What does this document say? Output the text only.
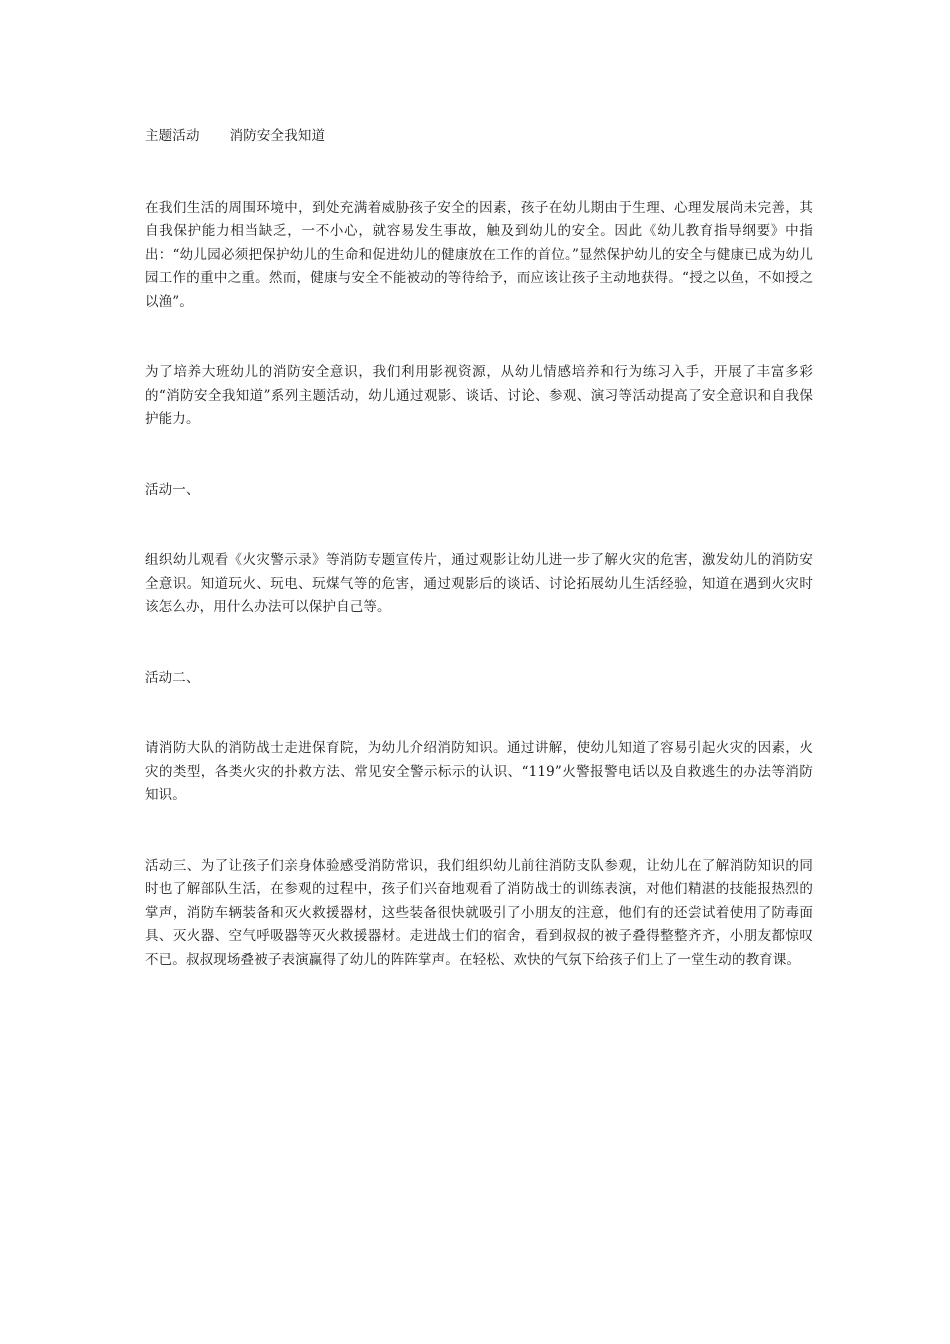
主题活动 消防安全我知道

在我们生活的周围环境中，到处充满着威胁孩子安全的因素，孩子在幼儿期由于生理、心理发展尚未完善，其自我保护能力相当缺乏，一不小心，就容易发生事故，触及到幼儿的安全。因此《幼儿教育指导纲要》中指出：“幼儿园必须把保护幼儿的生命和促进幼儿的健康放在工作的首位。”显然保护幼儿的安全与健康已成为幼儿园工作的重中之重。然而，健康与安全不能被动的等待给予，而应该让孩子主动地获得。“授之以鱼，不如授之以渔”。

为了培养大班幼儿的消防安全意识，我们利用影视资源，从幼儿情感培养和行为练习入手，开展了丰富多彩的“消防安全我知道”系列主题活动，幼儿通过观影、谈话、讨论、参观、演习等活动提高了安全意识和自我保护能力。

活动一、

组织幼儿观看《火灾警示录》等消防专题宣传片，通过观影让幼儿进一步了解火灾的危害，激发幼儿的消防安全意识。知道玩火、玩电、玩煤气等的危害，通过观影后的谈话、讨论拓展幼儿生活经验，知道在遇到火灾时该怎么办，用什么办法可以保护自己等。

活动二、

请消防大队的消防战士走进保育院，为幼儿介绍消防知识。通过讲解，使幼儿知道了容易引起火灾的因素，火灾的类型，各类火灾的扑救方法、常见安全警示标示的认识、“119”火警报警电话以及自救逃生的办法等消防知识。

活动三、为了让孩子们亲身体验感受消防常识，我们组织幼儿前往消防支队参观，让幼儿在了解消防知识的同时也了解部队生活，在参观的过程中，孩子们兴奋地观看了消防战士的训练表演，对他们精湛的技能报热烈的掌声，消防车辆装备和灭火救援器材，这些装备很快就吸引了小朋友的注意，他们有的还尝试着使用了防毒面具、灭火器、空气呼吸器等灭火救援器材。走进战士们的宿舍，看到叔叔的被子叠得整整齐齐，小朋友都惊叹不已。叔叔现场叠被子表演赢得了幼儿的阵阵掌声。在轻松、欢快的气氛下给孩子们上了一堂生动的教育课。
